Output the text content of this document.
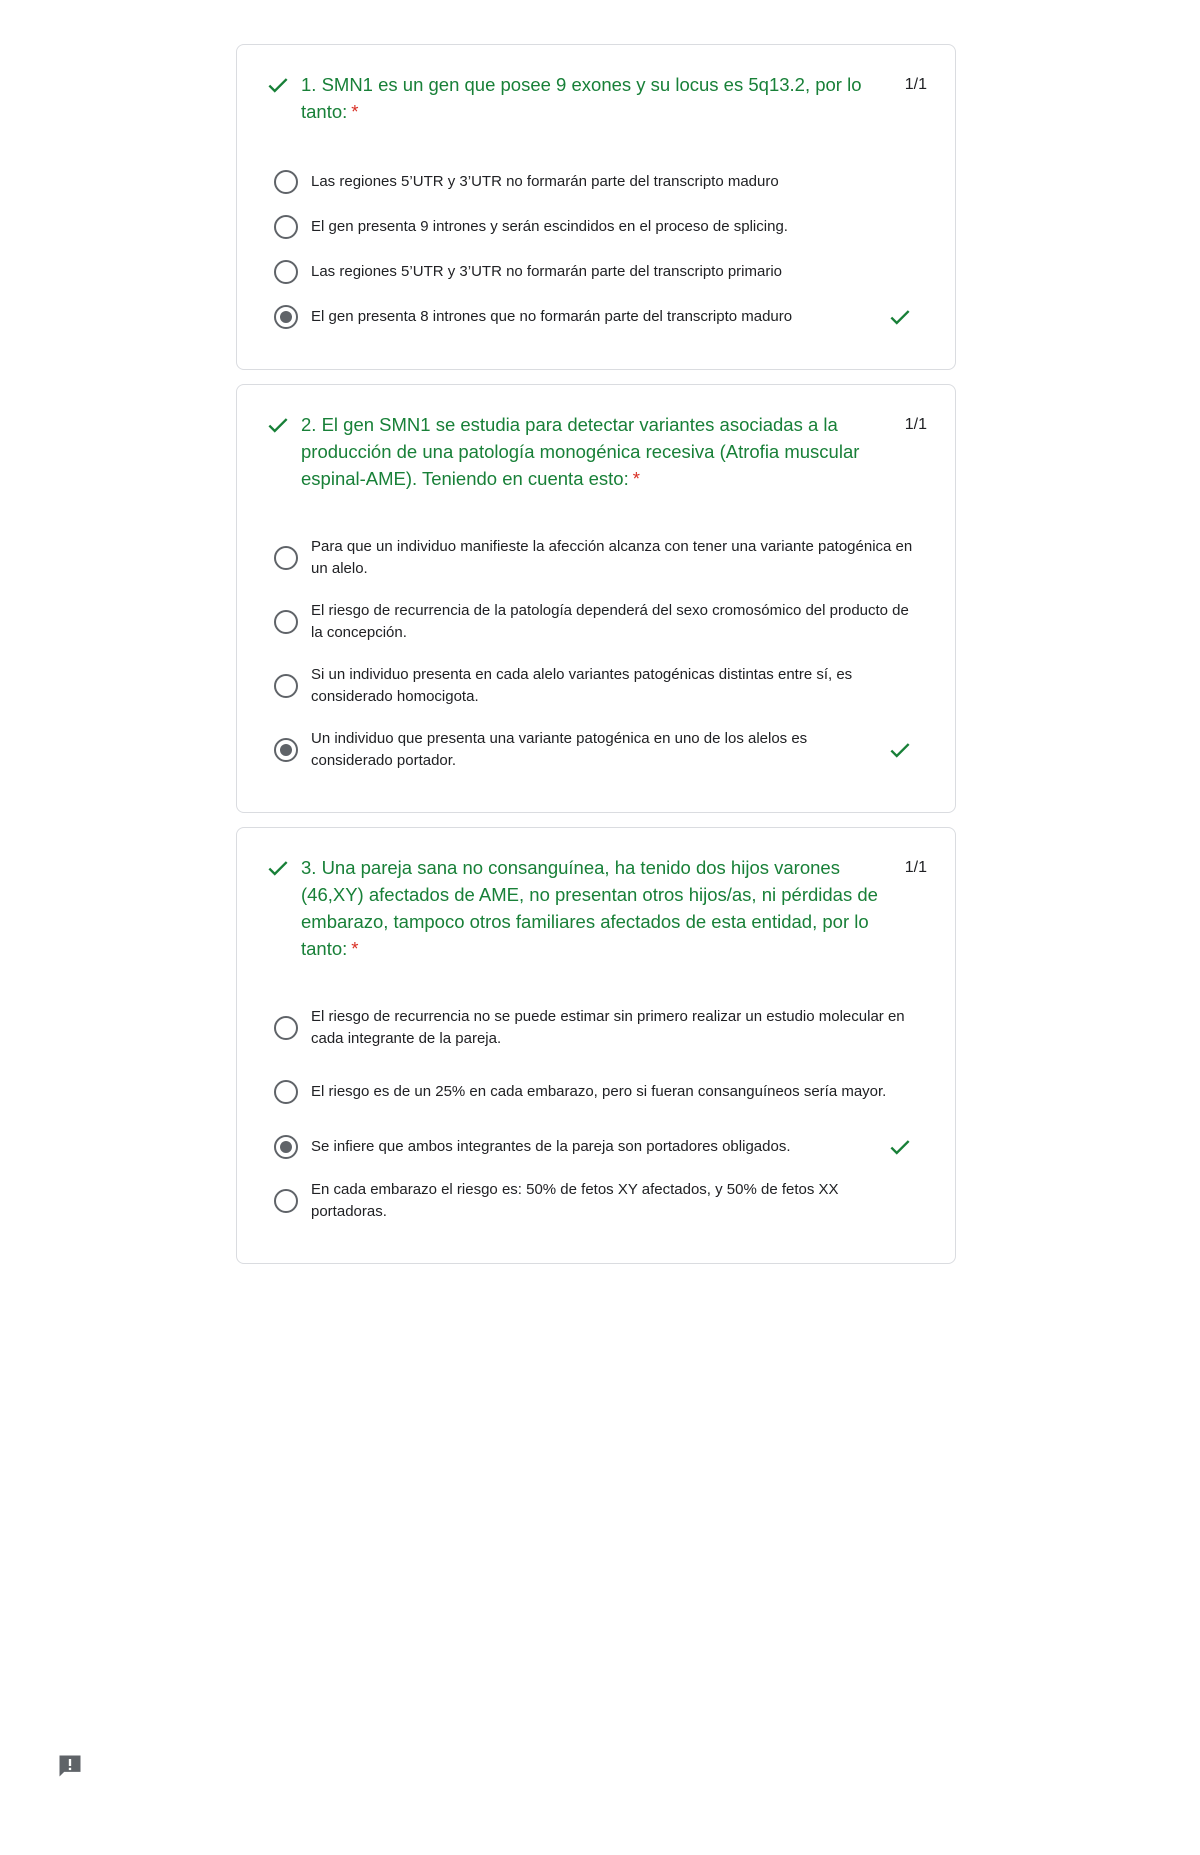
1. SMN1 es un gen que posee 9 exones y su locus es 5q13.2, por lo tanto: *
1/1
Las regiones 5’UTR y 3’UTR no formarán parte del transcripto maduro
El gen presenta 9 intrones y serán escindidos en el proceso de splicing.
Las regiones 5’UTR y 3’UTR no formarán parte del transcripto primario
El gen presenta 8 intrones que no formarán parte del transcripto maduro
2. El gen SMN1 se estudia para detectar variantes asociadas a la producción de una patología monogénica recesiva (Atrofia muscular espinal-AME). Teniendo en cuenta esto: *
1/1
Para que un individuo manifieste la afección alcanza con tener una variante patogénica en un alelo.
El riesgo de recurrencia de la patología dependerá del sexo cromosómico del producto de la concepción.
Si un individuo presenta en cada alelo variantes patogénicas distintas entre sí, es considerado homocigota.
Un individuo que presenta una variante patogénica en uno de los alelos es considerado portador.
3. Una pareja sana no consanguínea, ha tenido dos hijos varones (46,XY) afectados de AME, no presentan otros hijos/as, ni pérdidas de embarazo, tampoco otros familiares afectados de esta entidad, por lo tanto: *
1/1
El riesgo de recurrencia no se puede estimar sin primero realizar un estudio molecular en cada integrante de la pareja.
El riesgo es de un 25% en cada embarazo, pero si fueran consanguíneos sería mayor.
Se infiere que ambos integrantes de la pareja son portadores obligados.
En cada embarazo el riesgo es: 50% de fetos XY afectados, y 50% de fetos XX portadoras.
